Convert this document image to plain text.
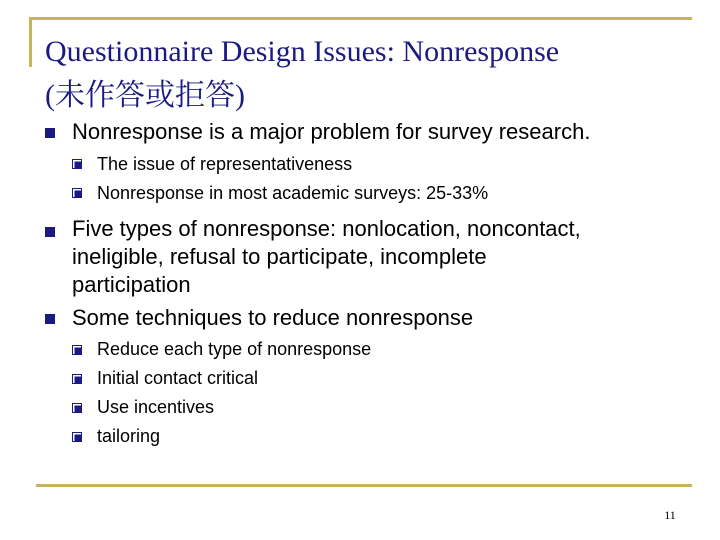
Questionnaire Design Issues: Nonresponse
(未作答或拒答)
Nonresponse is a major problem for survey research.
The issue of representativeness
Nonresponse in most academic surveys: 25-33%
Five types of nonresponse: nonlocation, noncontact,
ineligible, refusal to participate, incomplete
participation
Some techniques to reduce nonresponse
Reduce each type of nonresponse
Initial contact critical
Use incentives
tailoring
11
